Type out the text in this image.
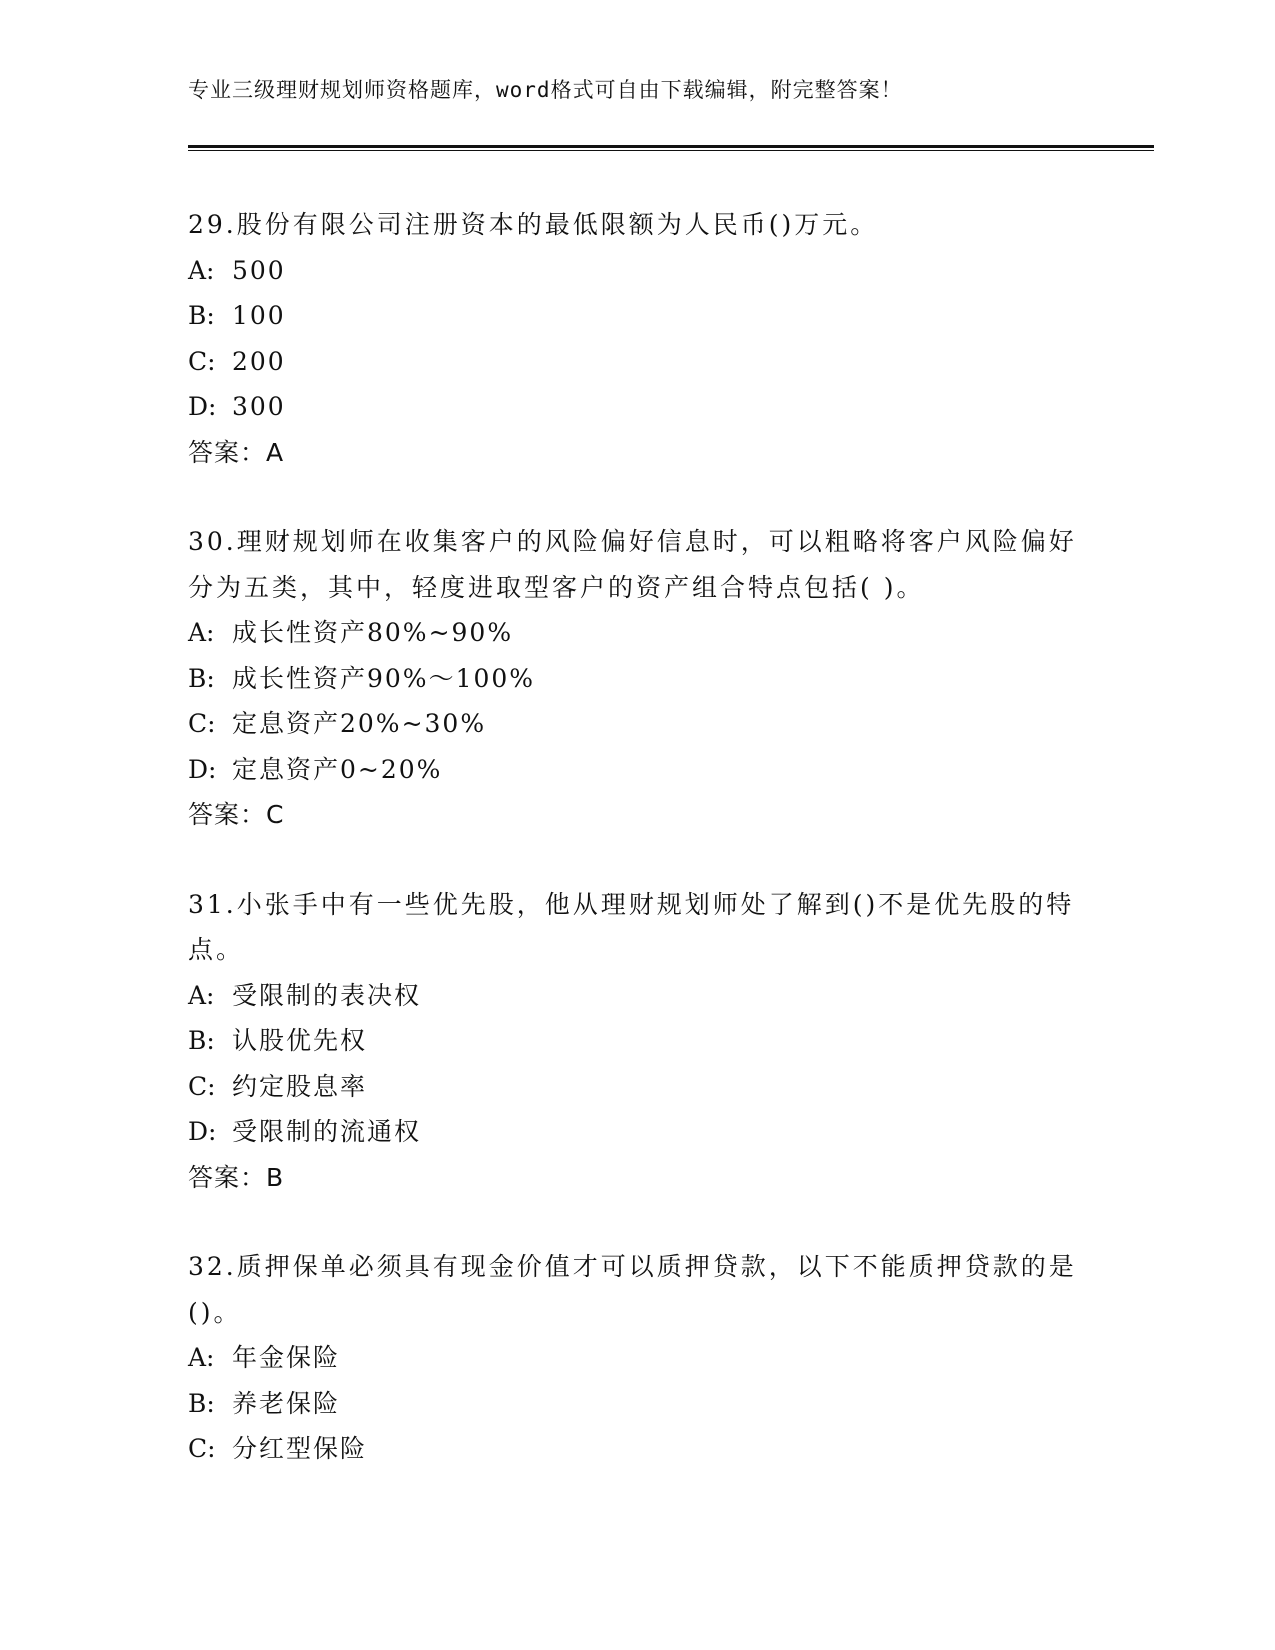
专业三级理财规划师资格题库，word格式可自由下载编辑，附完整答案！

29.股份有限公司注册资本的最低限额为人民币()万元。

A: 500

B: 100

C: 200

D: 300

答案：A

30.理财规划师在收集客户的风险偏好信息时，可以粗略将客户风险偏好分为五类，其中，轻度进取型客户的资产组合特点包括( )。

A: 成长性资产80%~90%

B: 成长性资产90%～100%

C: 定息资产20%~30%

D: 定息资产0~20%

答案：C

31.小张手中有一些优先股，他从理财规划师处了解到()不是优先股的特点。

A: 受限制的表决权

B: 认股优先权

C: 约定股息率

D: 受限制的流通权

答案：B

32.质押保单必须具有现金价值才可以质押贷款，以下不能质押贷款的是()。

A: 年金保险

B: 养老保险

C: 分红型保险
